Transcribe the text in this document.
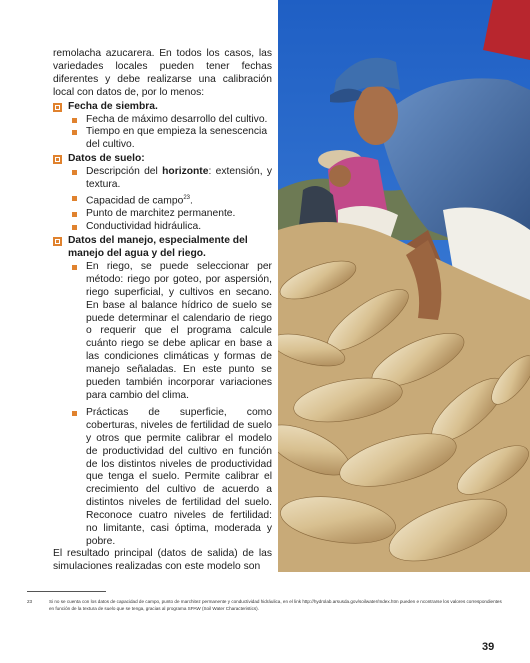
remolacha azucarera. En todos los casos, las variedades locales pueden tener fechas diferentes y debe realizarse una calibración local con datos de, por lo menos:

Fecha de siembra.
Fecha de máximo desarrollo del cultivo.
Tiempo en que empieza la senescencia del cultivo.
Datos de suelo:
Descripción del horizonte: extensión, y textura.
Capacidad de campo$^{23}$.
Punto de marchitez permanente.
Conductividad hidráulica.
Datos del manejo, especialmente del manejo del agua y del riego.
En riego, se puede seleccionar per método: riego por goteo, por aspersión, riego superficial, y cultivos en secano. En base al balance hídrico de suelo se puede determinar el calendario de riego o requerir que el programa calcule cuánto riego se debe aplicar en base a las condiciones climáticas y formas de manejo señaladas. En este punto se pueden también incorporar variaciones para cambio del clima.
Prácticas de superficie, como coberturas, niveles de fertilidad de suelo y otros que permite calibrar el modelo de productividad del cultivo en función de los distintos niveles de productividad que tenga el suelo. Permite calibrar el crecimiento del cultivo de acuerdo a distintos niveles de fertilidad del suelo. Reconoce cuatro niveles de fertilidad: no limitante, casi óptima, moderada y pobre.

El resultado principal (datos de salida) de las simulaciones realizadas con este modelo son

23	Si no se cuenta con los datos de capacidad de campo, punto de marchitez permanente y conductividad hidráulica, en el link http://hydrolab.arsusda.gov/soilwater/Index.htm pueden e ncontrarse los valores correspondientes en función de la textura de suelo que se tenga, gracias al programa SPAW (Soil Water Characteristics).
39
